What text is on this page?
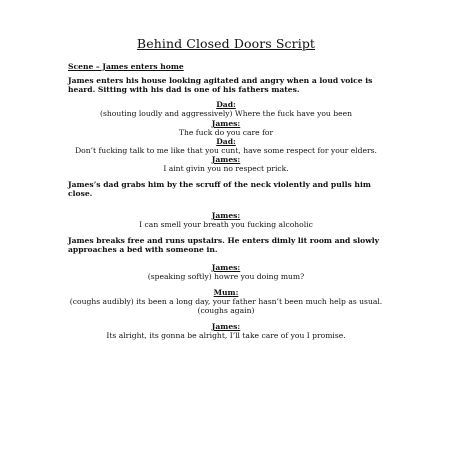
Behind Closed Doors Script
Scene – James enters home
James enters his house looking agitated and angry when a loud voice is heard. Sitting with his dad is one of his fathers mates.
Dad:
(shouting loudly and aggressively) Where the fuck have you been
James:
The fuck do you care for
Dad:
Don’t fucking talk to me like that you cunt, have some respect for your elders.
James:
I aint givin you no respect prick.
James’s dad grabs him by the scruff of the neck violently and pulls him close.
James:
I can smell your breath you fucking alcoholic
James breaks free and runs upstairs. He enters dimly lit room and slowly approaches a bed with someone in.
James:
(speaking softly) howre you doing mum?
Mum:
(coughs audibly) its been a long day, your father hasn’t been much help as usual.
(coughs again)
James:
Its alright, its gonna be alright, I’ll take care of you I promise.
